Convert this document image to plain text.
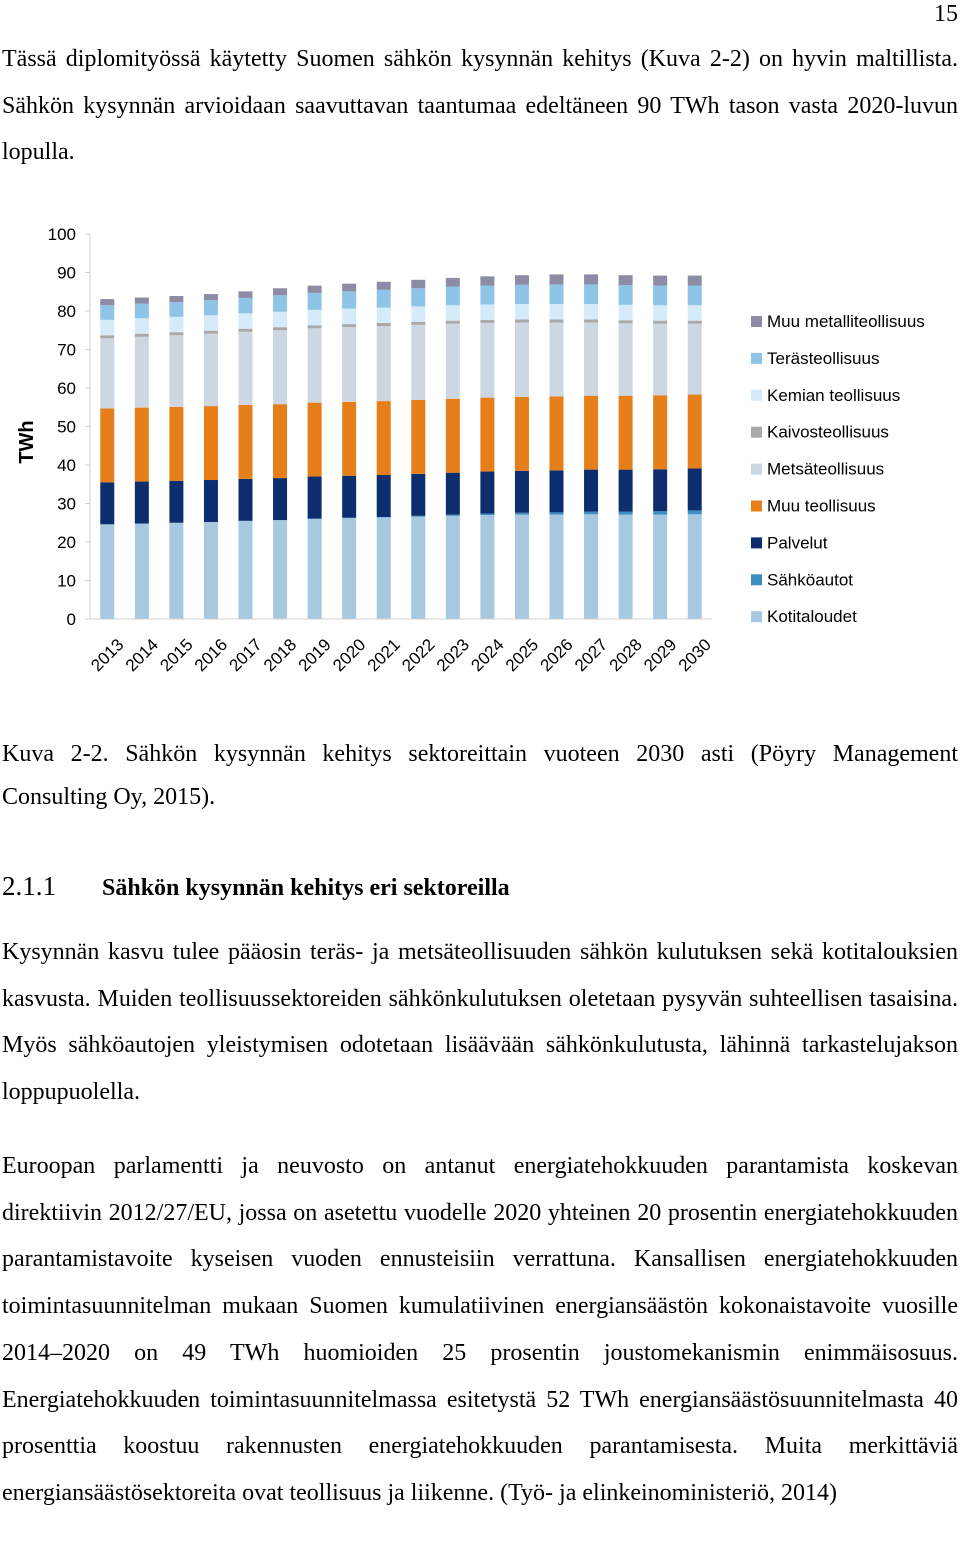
15

Tässä diplomityössä käytetty Suomen sähkön kysynnän kehitys (Kuva 2-2) on hyvin maltillista. Sähkön kysynnän arvioidaan saavuttavan taantumaa edeltäneen 90 TWh tason vasta 2020-luvun lopulla.

0
10
20
30
40
50
60
70
80
90
100
2013
2014
2015
2016
2017
2018
2019
2020
2021
2022
2023
2024
2025
2026
2027
2028
2029
2030
Muu metalliteollisuus
Terästeollisuus
Kemian teollisuus
Kaivosteollisuus
Metsäteollisuus
Muu teollisuus
Palvelut
Sähköautot
Kotitaloudet
TWh

Kuva 2-2. Sähkön kysynnän kehitys sektoreittain vuoteen 2030 asti (Pöyry Management Consulting Oy, 2015).

2.1.1 Sähkön kysynnän kehitys eri sektoreilla

Kysynnän kasvu tulee pääosin teräs- ja metsäteollisuuden sähkön kulutuksen sekä kotitalouksien kasvusta. Muiden teollisuussektoreiden sähkönkulutuksen oletetaan pysyvän suhteellisen tasaisina. Myös sähköautojen yleistymisen odotetaan lisäävään sähkönkulutusta, lähinnä tarkastelujakson loppupuolella.

Euroopan parlamentti ja neuvosto on antanut energiatehokkuuden parantamista koskevan direktiivin 2012/27/EU, jossa on asetettu vuodelle 2020 yhteinen 20 prosentin energiatehokkuuden parantamistavoite kyseisen vuoden ennusteisiin verrattuna. Kansallisen energiatehokkuuden toimintasuunnitelman mukaan Suomen kumulatiivinen energiansäästön kokonaistavoite vuosille 2014–2020 on 49 TWh huomioiden 25 prosentin joustomekanismin enimmäisosuus. Energiatehokkuuden toimintasuunnitelmassa esitetystä 52 TWh energiansäästösuunnitelmasta 40 prosenttia koostuu rakennusten energiatehokkuuden parantamisesta. Muita merkittäviä energiansäästösektoreita ovat teollisuus ja liikenne. (Työ- ja elinkeinoministeriö, 2014)
